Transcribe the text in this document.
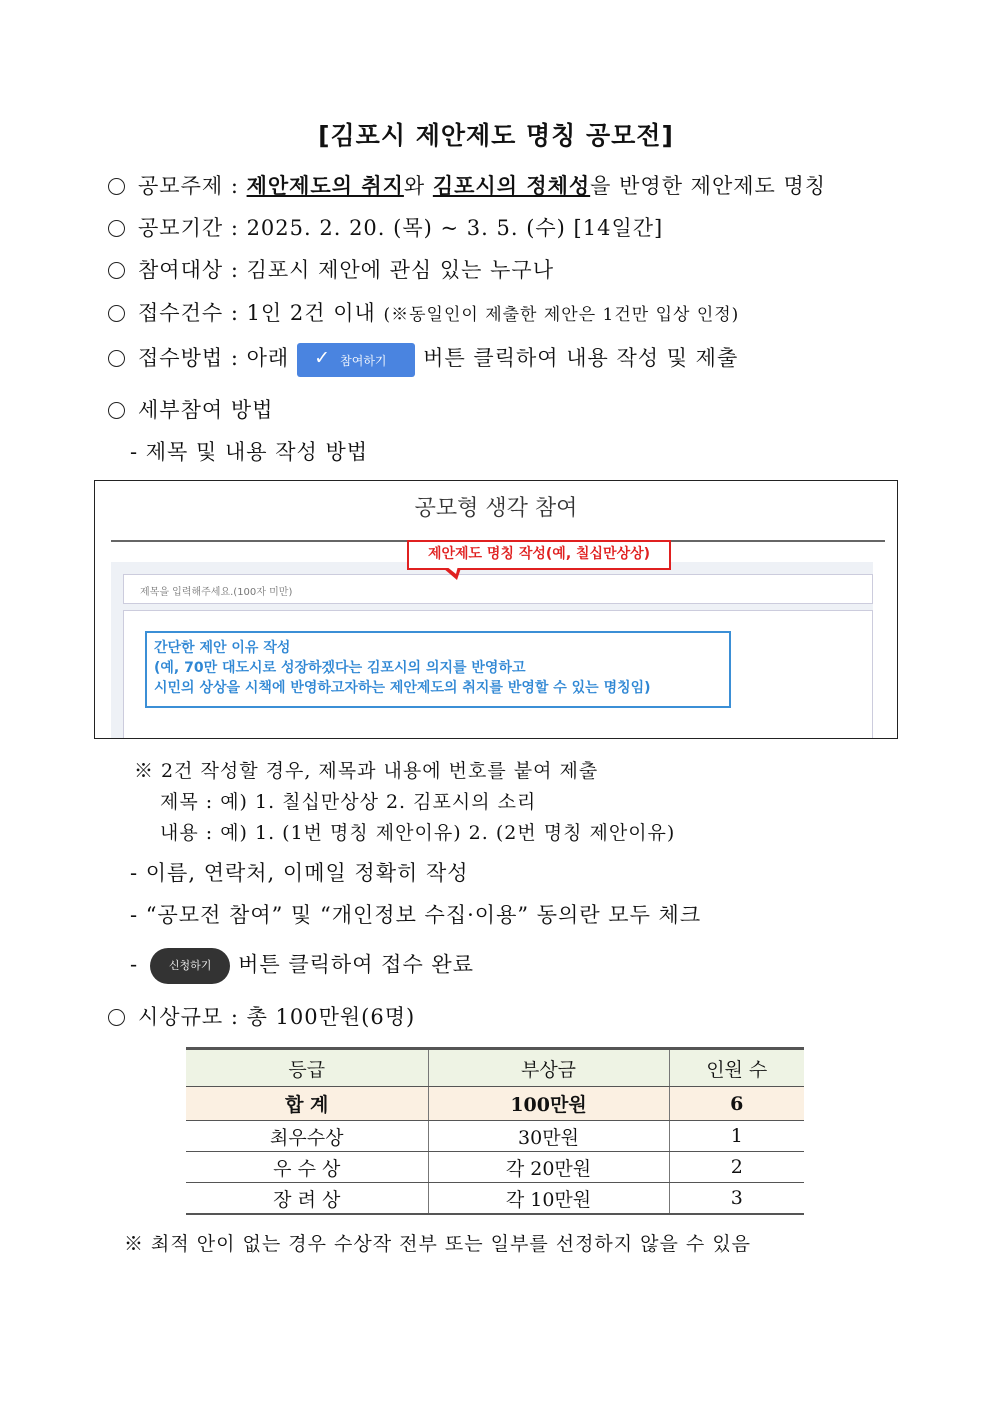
[김포시 제안제도 명칭 공모전]
공모주제 : 제안제도의 취지와 김포시의 정체성을 반영한 제안제도 명칭
공모기간 : 2025. 2. 20. (목) ~ 3. 5. (수) [14일간]
참여대상 : 김포시 제안에 관심 있는 누구나
접수건수 : 1인 2건 이내 (※동일인이 제출한 제안은 1건만 입상 인정)
접수방법 : 아래 ✓ 참여하기 버튼 클릭하여 내용 작성 및 제출
세부참여 방법
- 제목 및 내용 작성 방법
공모형 생각 참여
제목을 입력해주세요.(100자 미만)
제안제도 명칭 작성(예, 칠십만상상)
간단한 제안 이유 작성
(예, 70만 대도시로 성장하겠다는 김포시의 의지를 반영하고
시민의 상상을 시책에 반영하고자하는 제안제도의 취지를 반영할 수 있는 명칭임)
※ 2건 작성할 경우, 제목과 내용에 번호를 붙여 제출
제목 : 예) 1. 칠십만상상 2. 김포시의 소리
내용 : 예) 1. (1번 명칭 제안이유) 2. (2번 명칭 제안이유)
- 이름, 연락처, 이메일 정확히 작성
- “공모전 참여” 및 “개인정보 수집·이용” 동의란 모두 체크
-	신청하기 버튼 클릭하여 접수 완료
시상규모 : 총 100만원(6명)
등급	부상금	인원 수
합 계	100만원	6
최우수상	30만원	1
우 수 상	각 20만원	2
장 려 상	각 10만원	3
※ 최적 안이 없는 경우 수상작 전부 또는 일부를 선정하지 않을 수 있음
